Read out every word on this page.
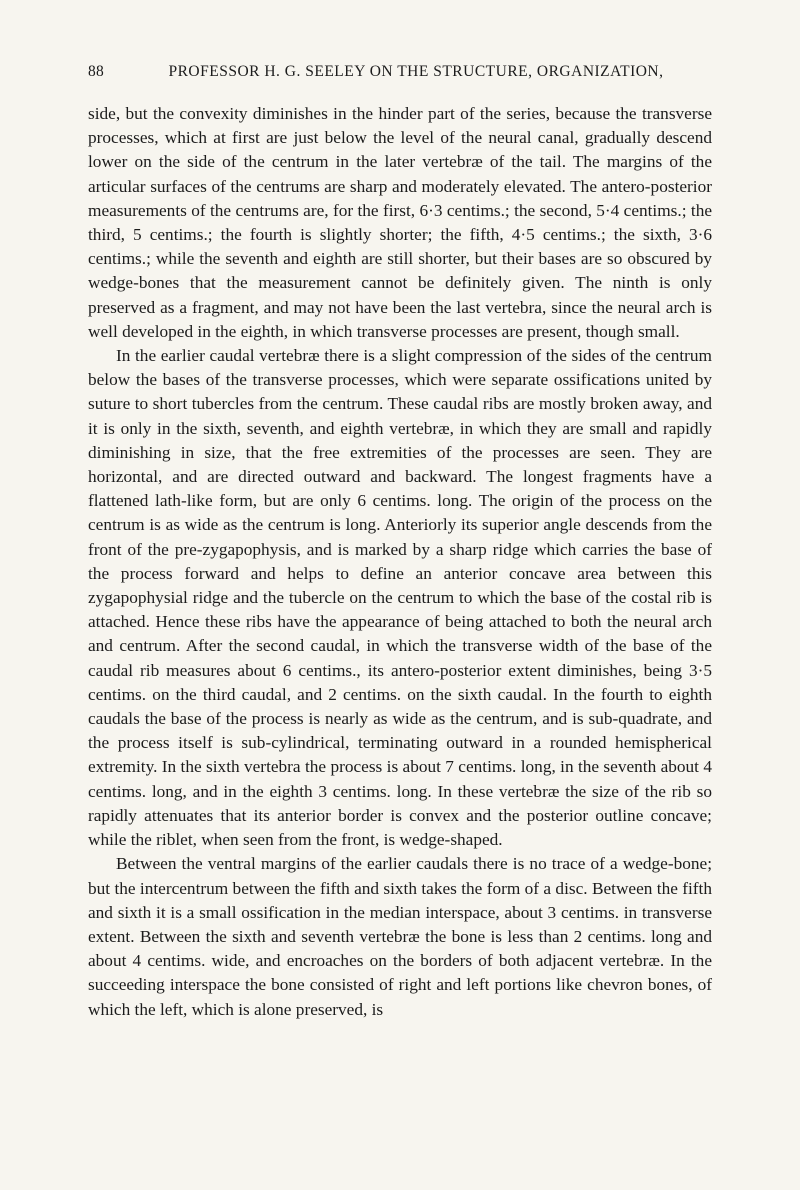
88	PROFESSOR H. G. SEELEY ON THE STRUCTURE, ORGANIZATION,

side, but the convexity diminishes in the hinder part of the series, because the transverse processes, which at first are just below the level of the neural canal, gradually descend lower on the side of the centrum in the later vertebræ of the tail. The margins of the articular surfaces of the centrums are sharp and moderately elevated. The antero-posterior measurements of the centrums are, for the first, 6·3 centims.; the second, 5·4 centims.; the third, 5 centims.; the fourth is slightly shorter; the fifth, 4·5 centims.; the sixth, 3·6 centims.; while the seventh and eighth are still shorter, but their bases are so obscured by wedge-bones that the measurement cannot be definitely given. The ninth is only preserved as a fragment, and may not have been the last vertebra, since the neural arch is well developed in the eighth, in which transverse processes are present, though small.

In the earlier caudal vertebræ there is a slight compression of the sides of the centrum below the bases of the transverse processes, which were separate ossifications united by suture to short tubercles from the centrum. These caudal ribs are mostly broken away, and it is only in the sixth, seventh, and eighth vertebræ, in which they are small and rapidly diminishing in size, that the free extremities of the processes are seen. They are horizontal, and are directed outward and backward. The longest fragments have a flattened lath-like form, but are only 6 centims. long. The origin of the process on the centrum is as wide as the centrum is long. Anteriorly its superior angle descends from the front of the pre-zygapophysis, and is marked by a sharp ridge which carries the base of the process forward and helps to define an anterior concave area between this zygapophysial ridge and the tubercle on the centrum to which the base of the costal rib is attached. Hence these ribs have the appearance of being attached to both the neural arch and centrum. After the second caudal, in which the transverse width of the base of the caudal rib measures about 6 centims., its antero-posterior extent diminishes, being 3·5 centims. on the third caudal, and 2 centims. on the sixth caudal. In the fourth to eighth caudals the base of the process is nearly as wide as the centrum, and is sub-quadrate, and the process itself is sub-cylindrical, terminating outward in a rounded hemispherical extremity. In the sixth vertebra the process is about 7 centims. long, in the seventh about 4 centims. long, and in the eighth 3 centims. long. In these vertebræ the size of the rib so rapidly attenuates that its anterior border is convex and the posterior outline concave; while the riblet, when seen from the front, is wedge-shaped.

Between the ventral margins of the earlier caudals there is no trace of a wedge-bone; but the intercentrum between the fifth and sixth takes the form of a disc. Between the fifth and sixth it is a small ossification in the median interspace, about 3 centims. in transverse extent. Between the sixth and seventh vertebræ the bone is less than 2 centims. long and about 4 centims. wide, and encroaches on the borders of both adjacent vertebræ. In the succeeding interspace the bone consisted of right and left portions like chevron bones, of which the left, which is alone preserved, is
